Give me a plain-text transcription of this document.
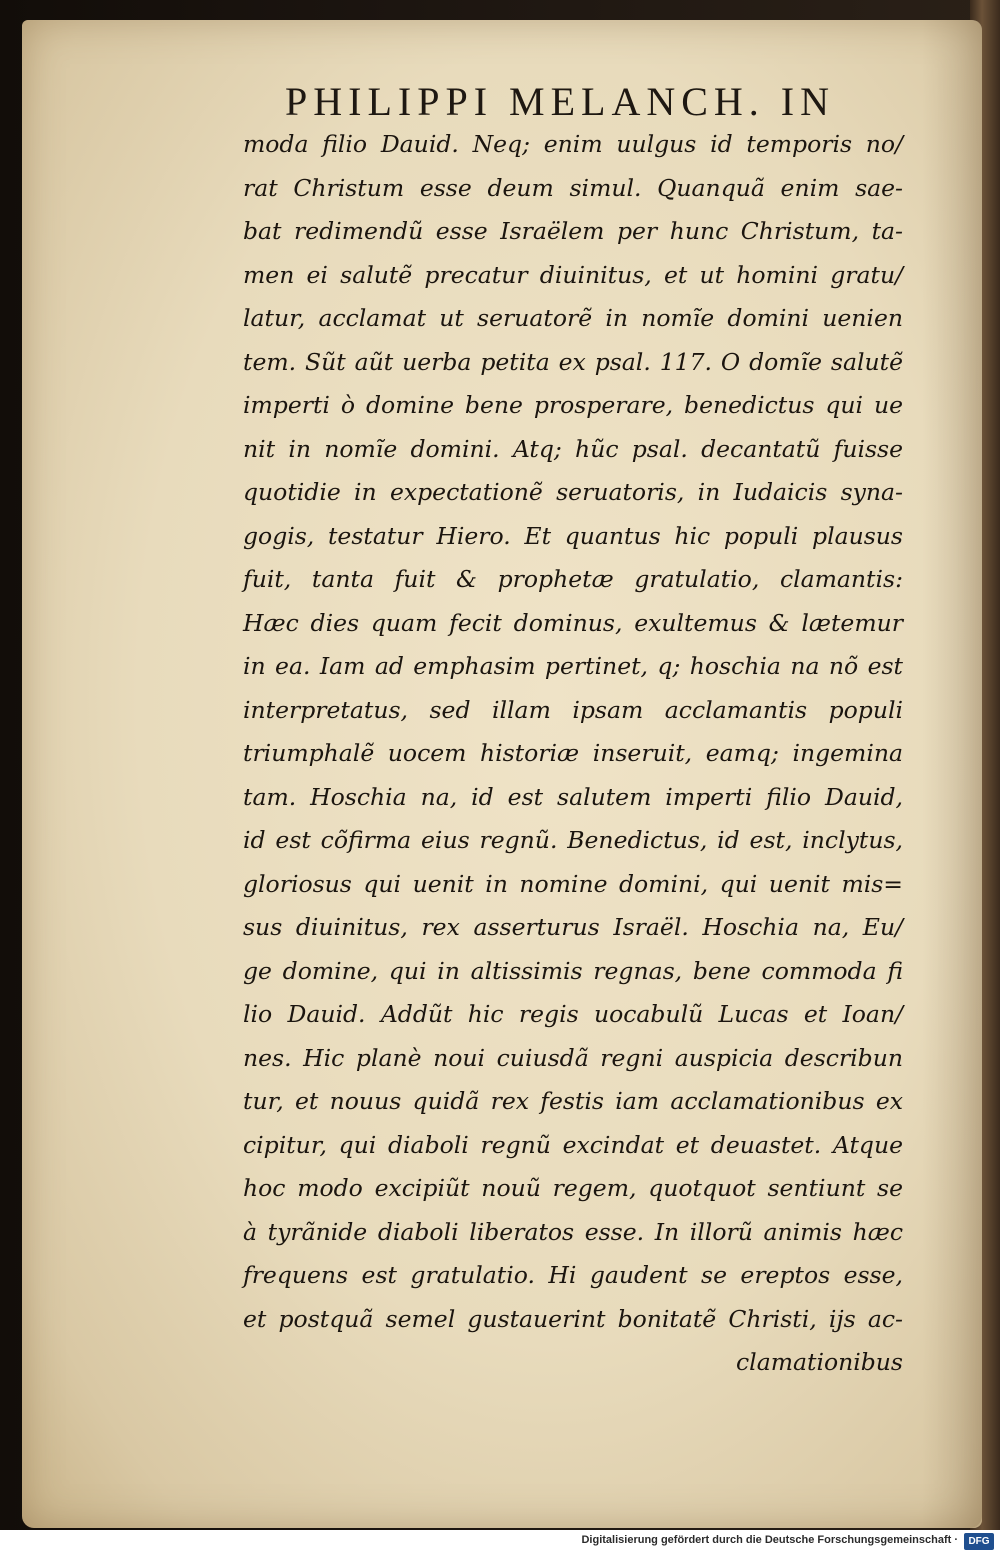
PHILIPPI MELANCH. IN
moda filio Dauid. Neq; enim uulgus id temporis no/
rat Christum esse deum simul. Quanquã enim sae-
bat redimendũ esse Israëlem per hunc Christum, ta-
men ei salutẽ precatur diuinitus, et ut homini gratu/
latur, acclamat ut seruatorẽ in nomĩe domini uenien
tem. Sũt aũt uerba petita ex psal. 117. O domĩe salutẽ
imperti ò domine bene prosperare, benedictus qui ue
nit in nomĩe domini. Atq; hũc psal. decantatũ fuisse
quotidie in expectationẽ seruatoris, in Iudaicis syna-
gogis, testatur Hiero. Et quantus hic populi plausus
fuit, tanta fuit & prophetæ gratulatio, clamantis:
Hæc dies quam fecit dominus, exultemus & lætemur
in ea. Iam ad emphasim pertinet, q; hoschia na nõ est
interpretatus, sed illam ipsam acclamantis populi
triumphalẽ uocem historiæ inseruit, eamq; ingemina
tam. Hoschia na, id est salutem imperti filio Dauid,
id est cõfirma eius regnũ. Benedictus, id est, inclytus,
gloriosus qui uenit in nomine domini, qui uenit mis=
sus diuinitus, rex asserturus Israël. Hoschia na, Eu/
ge domine, qui in altissimis regnas, bene commoda fi
lio Dauid. Addũt hic regis uocabulũ Lucas et Ioan/
nes. Hic planè noui cuiusdã regni auspicia describun
tur, et nouus quidã rex festis iam acclamationibus ex
cipitur, qui diaboli regnũ excindat et deuastet. Atque
hoc modo excipiũt nouũ regem, quotquot sentiunt se
à tyrãnide diaboli liberatos esse. In illorũ animis hæc
frequens est gratulatio. Hi gaudent se ereptos esse,
et postquã semel gustauerint bonitatẽ Christi, ijs ac-
clamationibus
Digitalisierung gefördert durch die Deutsche Forschungsgemeinschaft ·	DFG
